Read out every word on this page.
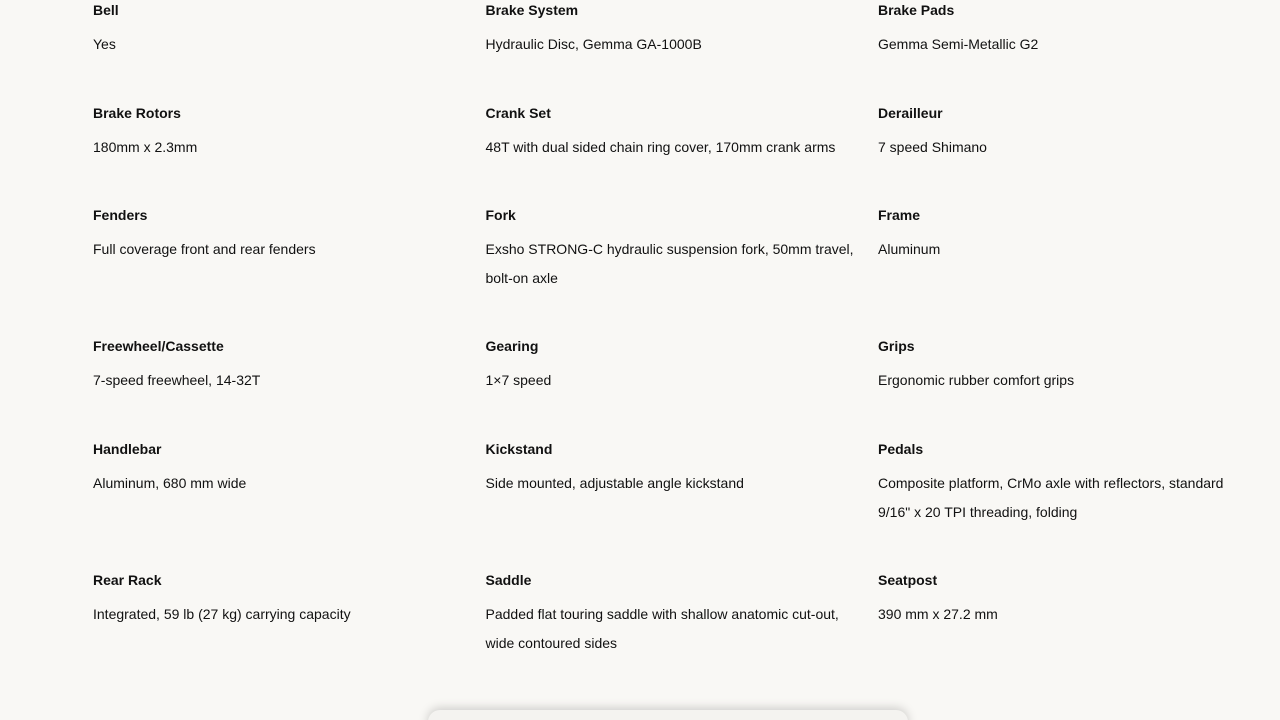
Bell
Yes
Brake System
Hydraulic Disc, Gemma GA-1000B
Brake Pads
Gemma Semi-Metallic G2
Brake Rotors
180mm x 2.3mm
Crank Set
48T with dual sided chain ring cover, 170mm crank arms
Derailleur
7 speed Shimano
Fenders
Full coverage front and rear fenders
Fork
Exsho STRONG-C hydraulic suspension fork, 50mm travel, bolt-on axle
Frame
Aluminum
Freewheel/Cassette
7-speed freewheel, 14-32T
Gearing
1×7 speed
Grips
Ergonomic rubber comfort grips
Handlebar
Aluminum, 680 mm wide
Kickstand
Side mounted, adjustable angle kickstand
Pedals
Composite platform, CrMo axle with reflectors, standard 9/16" x 20 TPI threading, folding
Rear Rack
Integrated, 59 lb (27 kg) carrying capacity
Saddle
Padded flat touring saddle with shallow anatomic cut-out, wide contoured sides
Seatpost
390 mm x 27.2 mm
